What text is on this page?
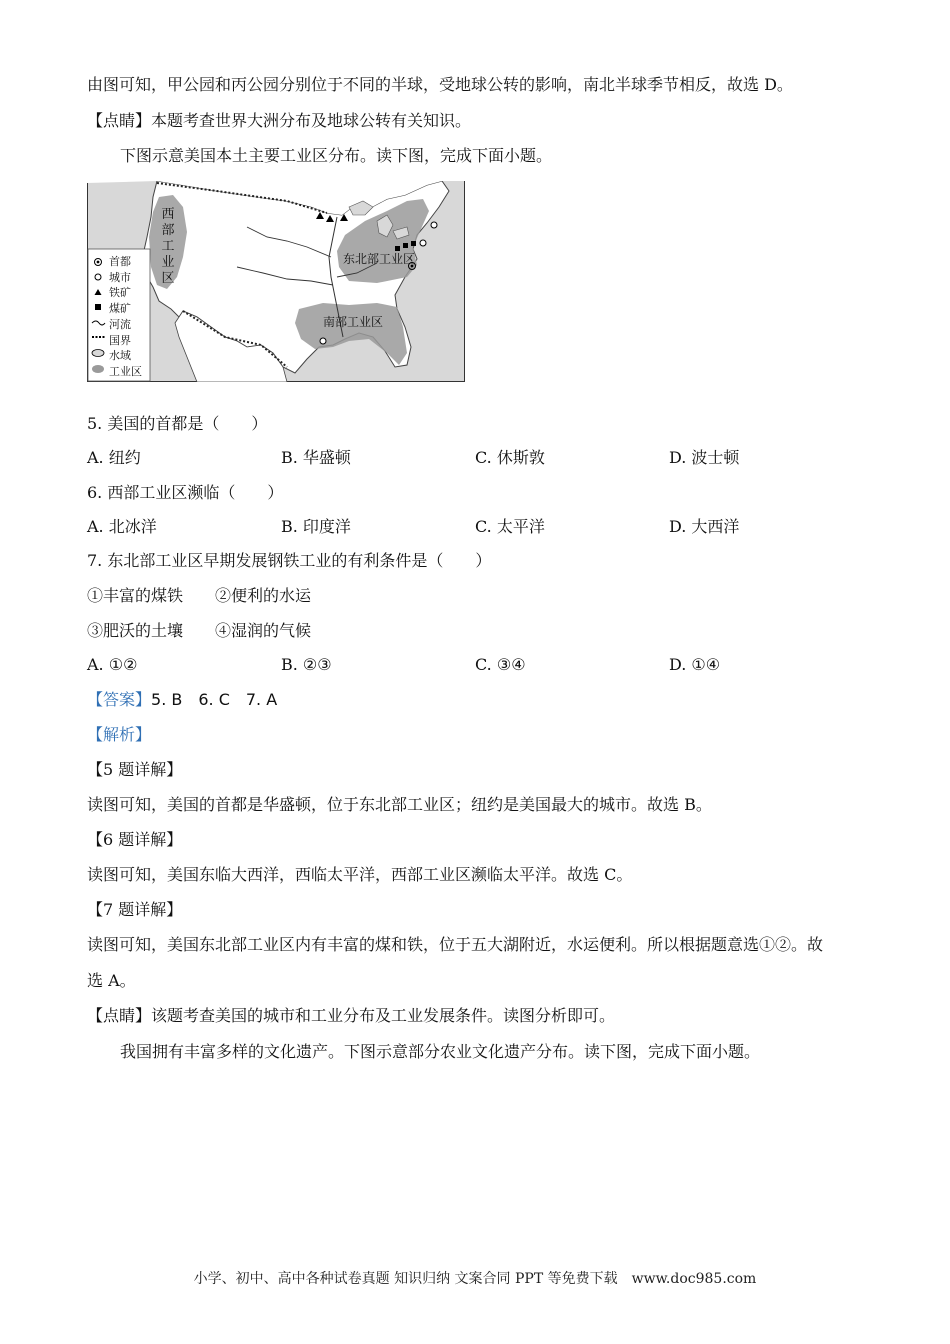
由图可知，甲公园和丙公园分别位于不同的半球，受地球公转的影响，南北半球季节相反，故选 D。
【点睛】本题考查世界大洲分布及地球公转有关知识。
下图示意美国本土主要工业区分布。读下图，完成下面小题。
西
部
工
业
区
东北部工业区
南部工业区
首都
城市
铁矿
煤矿
河流
国界
水域
工业区
5. 美国的首都是（　　）
A. 纽约	B. 华盛顿	C. 休斯敦	D. 波士顿
6. 西部工业区濒临（　　）
A. 北冰洋	B. 印度洋	C. 太平洋	D. 大西洋
7. 东北部工业区早期发展钢铁工业的有利条件是（　　）
①丰富的煤铁　　②便利的水运
③肥沃的土壤　　④湿润的气候
A. ①②	B. ②③	C. ③④	D. ①④
【答案】5. B　6. C　7. A
【解析】
【5 题详解】
读图可知，美国的首都是华盛顿，位于东北部工业区；纽约是美国最大的城市。故选 B。
【6 题详解】
读图可知，美国东临大西洋，西临太平洋，西部工业区濒临太平洋。故选 C。
【7 题详解】
读图可知，美国东北部工业区内有丰富的煤和铁，位于五大湖附近，水运便利。所以根据题意选①②。故
选 A。
【点睛】该题考查美国的城市和工业分布及工业发展条件。读图分析即可。
我国拥有丰富多样的文化遗产。下图示意部分农业文化遗产分布。读下图，完成下面小题。
小学、初中、高中各种试卷真题 知识归纳 文案合同 PPT 等免费下载　www.doc985.com
